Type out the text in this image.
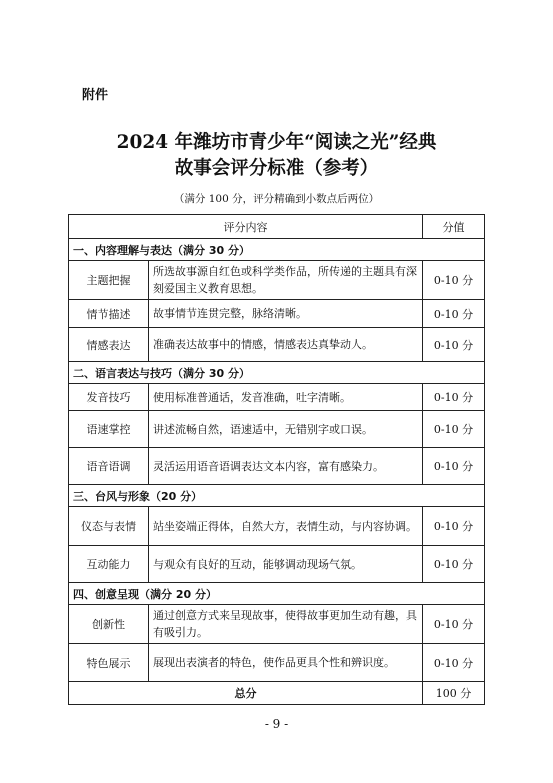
附件
2024 年潍坊市青少年“阅读之光”经典
故事会评分标准（参考）
（满分 100 分，评分精确到小数点后两位）
评分内容		分值
一、内容理解与表达（满分 30 分）		
主题把握	所选故事源自红色或科学类作品，所传递的主题具有深刻爱国主义教育思想。	0-10 分
情节描述	故事情节连贯完整，脉络清晰。	0-10 分
情感表达	准确表达故事中的情感，情感表达真挚动人。	0-10 分
二、语言表达与技巧（满分 30 分）		
发音技巧	使用标准普通话，发音准确，吐字清晰。	0-10 分
语速掌控	讲述流畅自然，语速适中，无错别字或口误。	0-10 分
语音语调	灵活运用语音语调表达文本内容，富有感染力。	0-10 分
三、台风与形象（20 分）		
仪态与表情	站坐姿端正得体，自然大方，表情生动，与内容协调。	0-10 分
互动能力	与观众有良好的互动，能够调动现场气氛。	0-10 分
四、创意呈现（满分 20 分）		
创新性	通过创意方式来呈现故事，使得故事更加生动有趣，具有吸引力。	0-10 分
特色展示	展现出表演者的特色，使作品更具个性和辨识度。	0-10 分
总分		100 分
- 9 -
